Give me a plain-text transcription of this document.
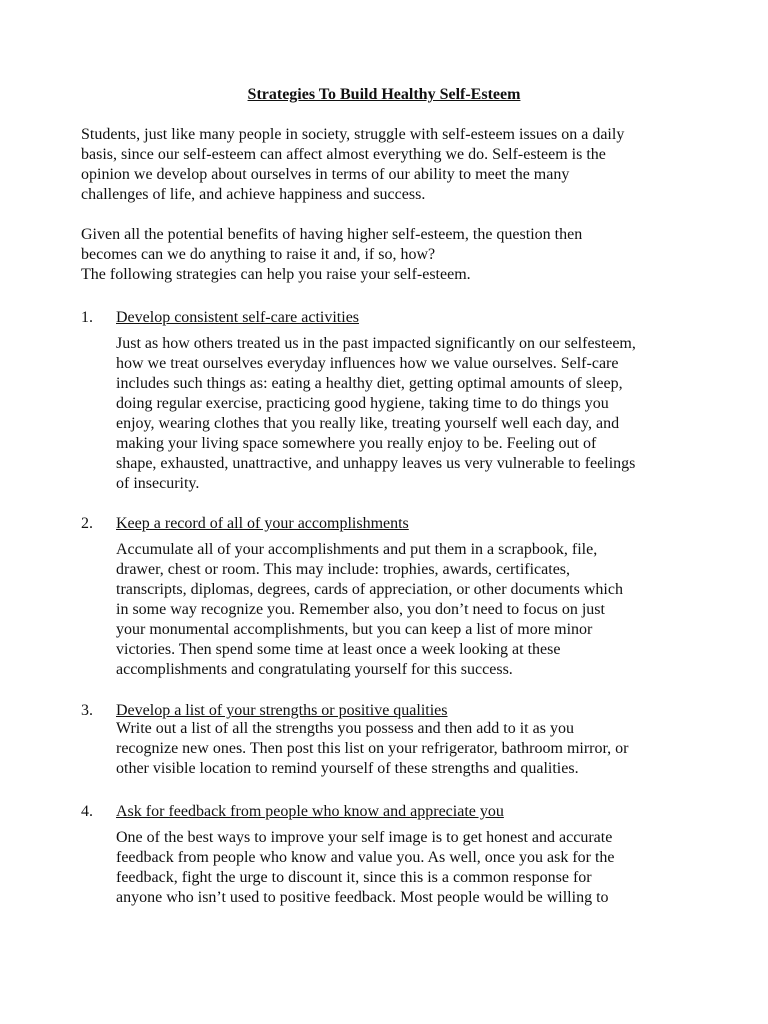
Strategies To Build Healthy Self-Esteem
Students, just like many people in society, struggle with self-esteem issues on a daily
basis, since our self-esteem can affect almost everything we do. Self-esteem is the
opinion we develop about ourselves in terms of our ability to meet the many
challenges of life, and achieve happiness and success.
Given all the potential benefits of having higher self-esteem, the question then
becomes can we do anything to raise it and, if so, how?
The following strategies can help you raise your self-esteem.
1. Develop consistent self-care activities
Just as how others treated us in the past impacted significantly on our selfesteem,
how we treat ourselves everyday influences how we value ourselves. Self-care
includes such things as: eating a healthy diet, getting optimal amounts of sleep,
doing regular exercise, practicing good hygiene, taking time to do things you
enjoy, wearing clothes that you really like, treating yourself well each day, and
making your living space somewhere you really enjoy to be. Feeling out of
shape, exhausted, unattractive, and unhappy leaves us very vulnerable to feelings
of insecurity.
2. Keep a record of all of your accomplishments
Accumulate all of your accomplishments and put them in a scrapbook, file,
drawer, chest or room. This may include: trophies, awards, certificates,
transcripts, diplomas, degrees, cards of appreciation, or other documents which
in some way recognize you. Remember also, you don’t need to focus on just
your monumental accomplishments, but you can keep a list of more minor
victories. Then spend some time at least once a week looking at these
accomplishments and congratulating yourself for this success.
3. Develop a list of your strengths or positive qualities
Write out a list of all the strengths you possess and then add to it as you
recognize new ones. Then post this list on your refrigerator, bathroom mirror, or
other visible location to remind yourself of these strengths and qualities.
4. Ask for feedback from people who know and appreciate you
One of the best ways to improve your self image is to get honest and accurate
feedback from people who know and value you. As well, once you ask for the
feedback, fight the urge to discount it, since this is a common response for
anyone who isn’t used to positive feedback. Most people would be willing to
